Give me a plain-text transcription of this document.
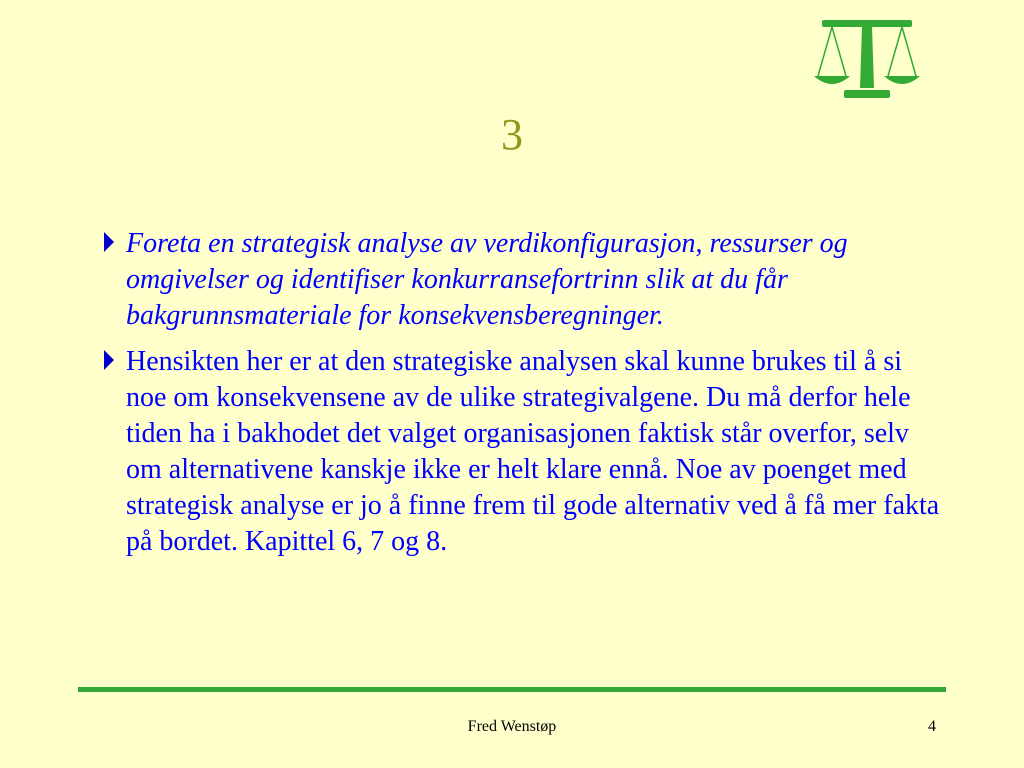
3
Foreta en strategisk analyse av verdikonfigurasjon, ressurser og omgivelser og identifiser konkurransefortrinn slik at du får bakgrunnsmateriale for konsekvensberegninger.
Hensikten her er at den strategiske analysen skal kunne brukes til å si noe om konsekvensene av de ulike strategivalgene. Du må derfor hele tiden ha i bakhodet det valget organisasjonen faktisk står overfor, selv om alternativene kanskje ikke er helt klare ennå. Noe av poenget med strategisk analyse er jo å finne frem til gode alternativ ved å få mer fakta på bordet. Kapittel 6, 7 og 8.
Fred Wenstøp	4
